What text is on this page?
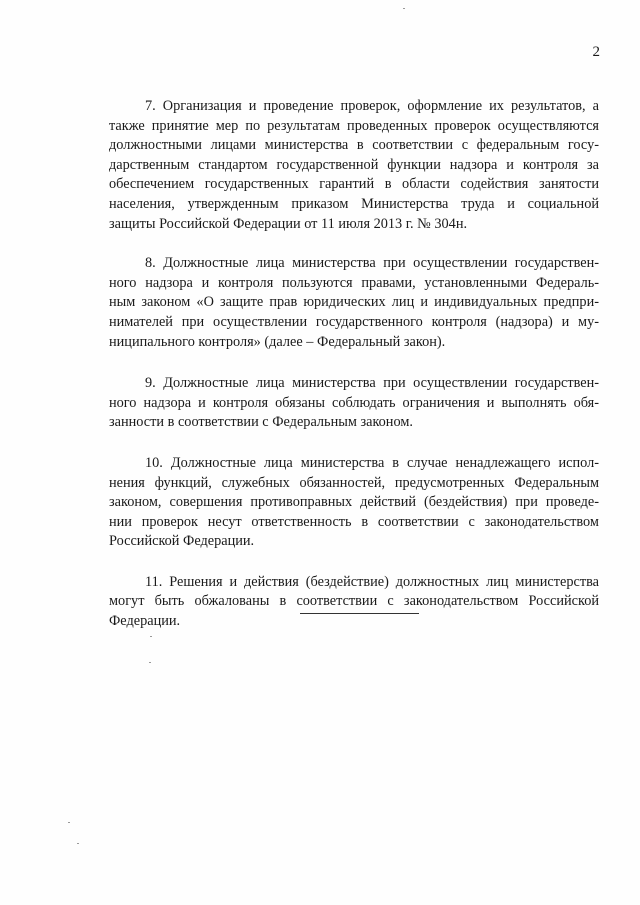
2

7. Организация и проведение проверок, оформление их результатов, а
также принятие мер по результатам проведенных проверок осуществляются
должностными лицами министерства в соответствии с федеральным госу-
дарственным стандартом государственной функции надзора и контроля за
обеспечением государственных гарантий в области содействия занятости
населения, утвержденным приказом Министерства труда и социальной
защиты Российской Федерации от 11 июля 2013 г. № 304н.

8. Должностные лица министерства при осуществлении государствен-
ного надзора и контроля пользуются правами, установленными Федераль-
ным законом «О защите прав юридических лиц и индивидуальных предпри-
нимателей при осуществлении государственного контроля (надзора) и му-
ниципального контроля» (далее – Федеральный закон).

9. Должностные лица министерства при осуществлении государствен-
ного надзора и контроля обязаны соблюдать ограничения и выполнять обя-
занности в соответствии с Федеральным законом.

10. Должностные лица министерства в случае ненадлежащего испол-
нения функций, служебных обязанностей, предусмотренных Федеральным
законом, совершения противоправных действий (бездействия) при проведе-
нии проверок несут ответственность в соответствии с законодательством
Российской Федерации.

11. Решения и действия (бездействие) должностных лиц министерства
могут быть обжалованы в соответствии с законодательством Российской
Федерации.
